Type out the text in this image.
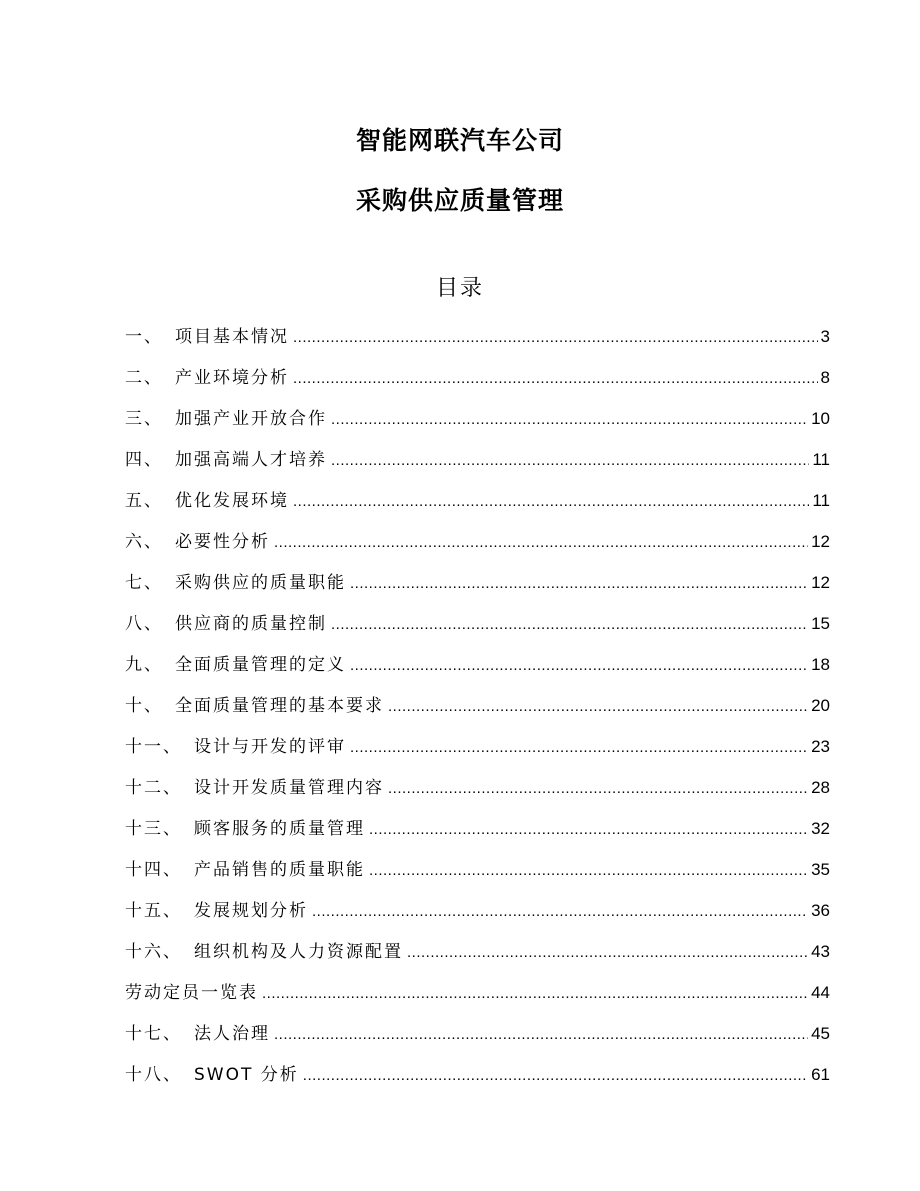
智能网联汽车公司
采购供应质量管理
目录
一、 项目基本情况 .....	3
二、 产业环境分析 .....	8
三、 加强产业开放合作 .....	10
四、 加强高端人才培养 .....	11
五、 优化发展环境 .....	11
六、 必要性分析 .....	12
七、 采购供应的质量职能 .....	12
八、 供应商的质量控制 .....	15
九、 全面质量管理的定义 .....	18
十、 全面质量管理的基本要求 .....	20
十一、 设计与开发的评审 .....	23
十二、 设计开发质量管理内容 .....	28
十三、 顾客服务的质量管理 .....	32
十四、 产品销售的质量职能 .....	35
十五、 发展规划分析 .....	36
十六、 组织机构及人力资源配置 .....	43
劳动定员一览表 .....	44
十七、 法人治理 .....	45
十八、 SWOT 分析 .....	61
